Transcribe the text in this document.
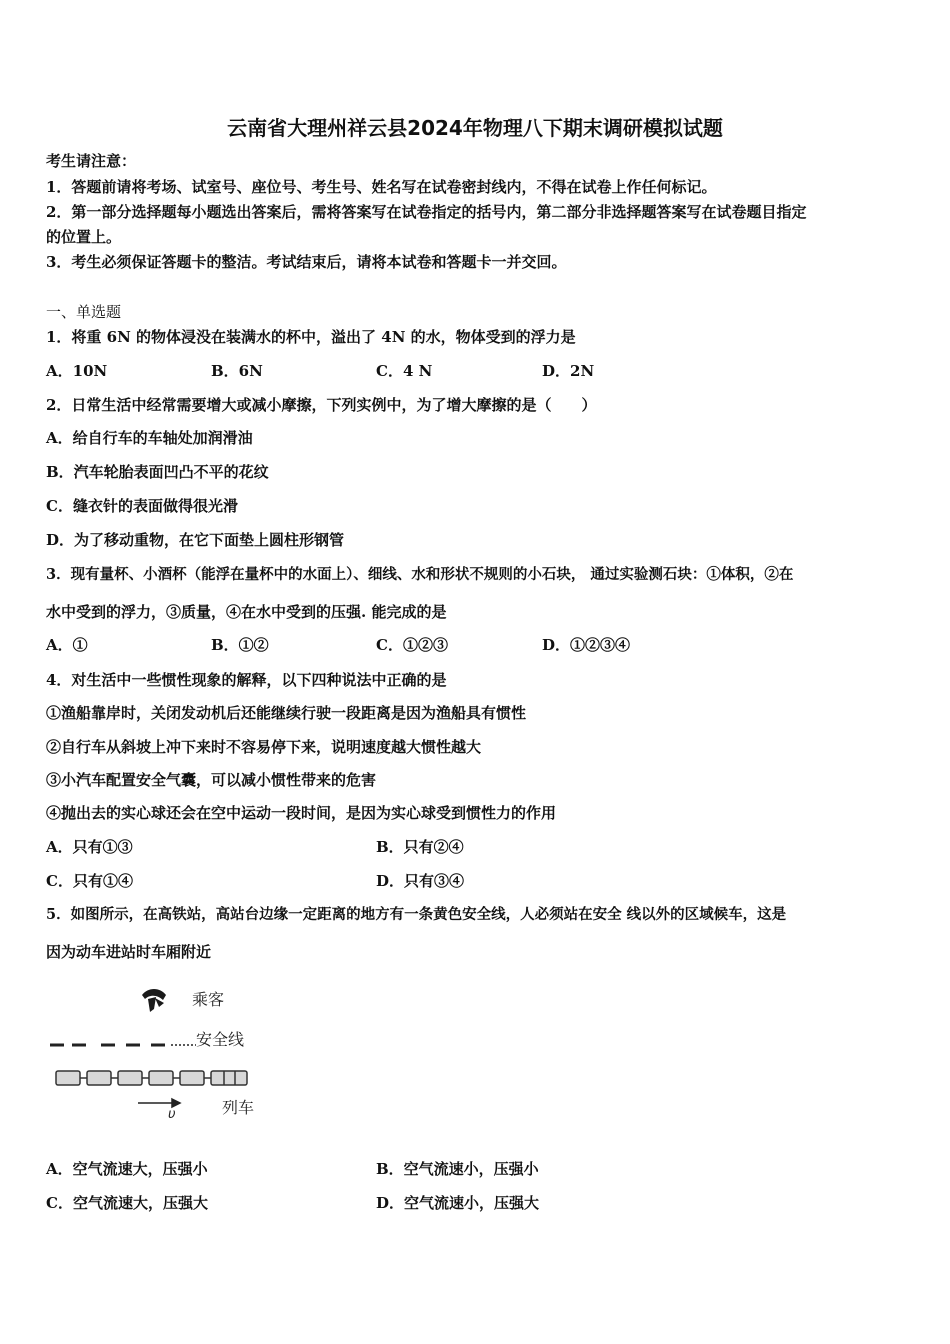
云南省大理州祥云县2024年物理八下期末调研模拟试题
考生请注意：
1．答题前请将考场、试室号、座位号、考生号、姓名写在试卷密封线内，不得在试卷上作任何标记。
2．第一部分选择题每小题选出答案后，需将答案写在试卷指定的括号内，第二部分非选择题答案写在试卷题目指定
的位置上。
3．考生必须保证答题卡的整洁。考试结束后，请将本试卷和答题卡一并交回。
一、单选题
1．将重 6N 的物体浸没在装满水的杯中，溢出了 4N 的水，物体受到的浮力是
A．10N	B．6N	C．4 N	D．2N
2．日常生活中经常需要增大或减小摩擦，下列实例中，为了增大摩擦的是（　　）
A．给自行车的车轴处加润滑油
B．汽车轮胎表面凹凸不平的花纹
C．缝衣针的表面做得很光滑
D．为了移动重物，在它下面垫上圆柱形钢管
3．现有量杯、小酒杯（能浮在量杯中的水面上）、细线、水和形状不规则的小石块， 通过实验测石块：①体积，②在
水中受到的浮力，③质量，④在水中受到的压强. 能完成的是
A．①	B．①②	C．①②③	D．①②③④
4．对生活中一些惯性现象的解释，以下四种说法中正确的是
①渔船靠岸时，关闭发动机后还能继续行驶一段距离是因为渔船具有惯性
②自行车从斜坡上冲下来时不容易停下来，说明速度越大惯性越大
③小汽车配置安全气囊，可以减小惯性带来的危害
④抛出去的实心球还会在空中运动一段时间，是因为实心球受到惯性力的作用
A．只有①③	B．只有②④
C．只有①④	D．只有③④
5．如图所示，在高铁站，高站台边缘一定距离的地方有一条黄色安全线，人必须站在安全 线以外的区域候车，这是
因为动车进站时车厢附近
乘客
安全线
列车
υ
A．空气流速大，压强小	B．空气流速小，压强小
C．空气流速大，压强大	D．空气流速小，压强大
